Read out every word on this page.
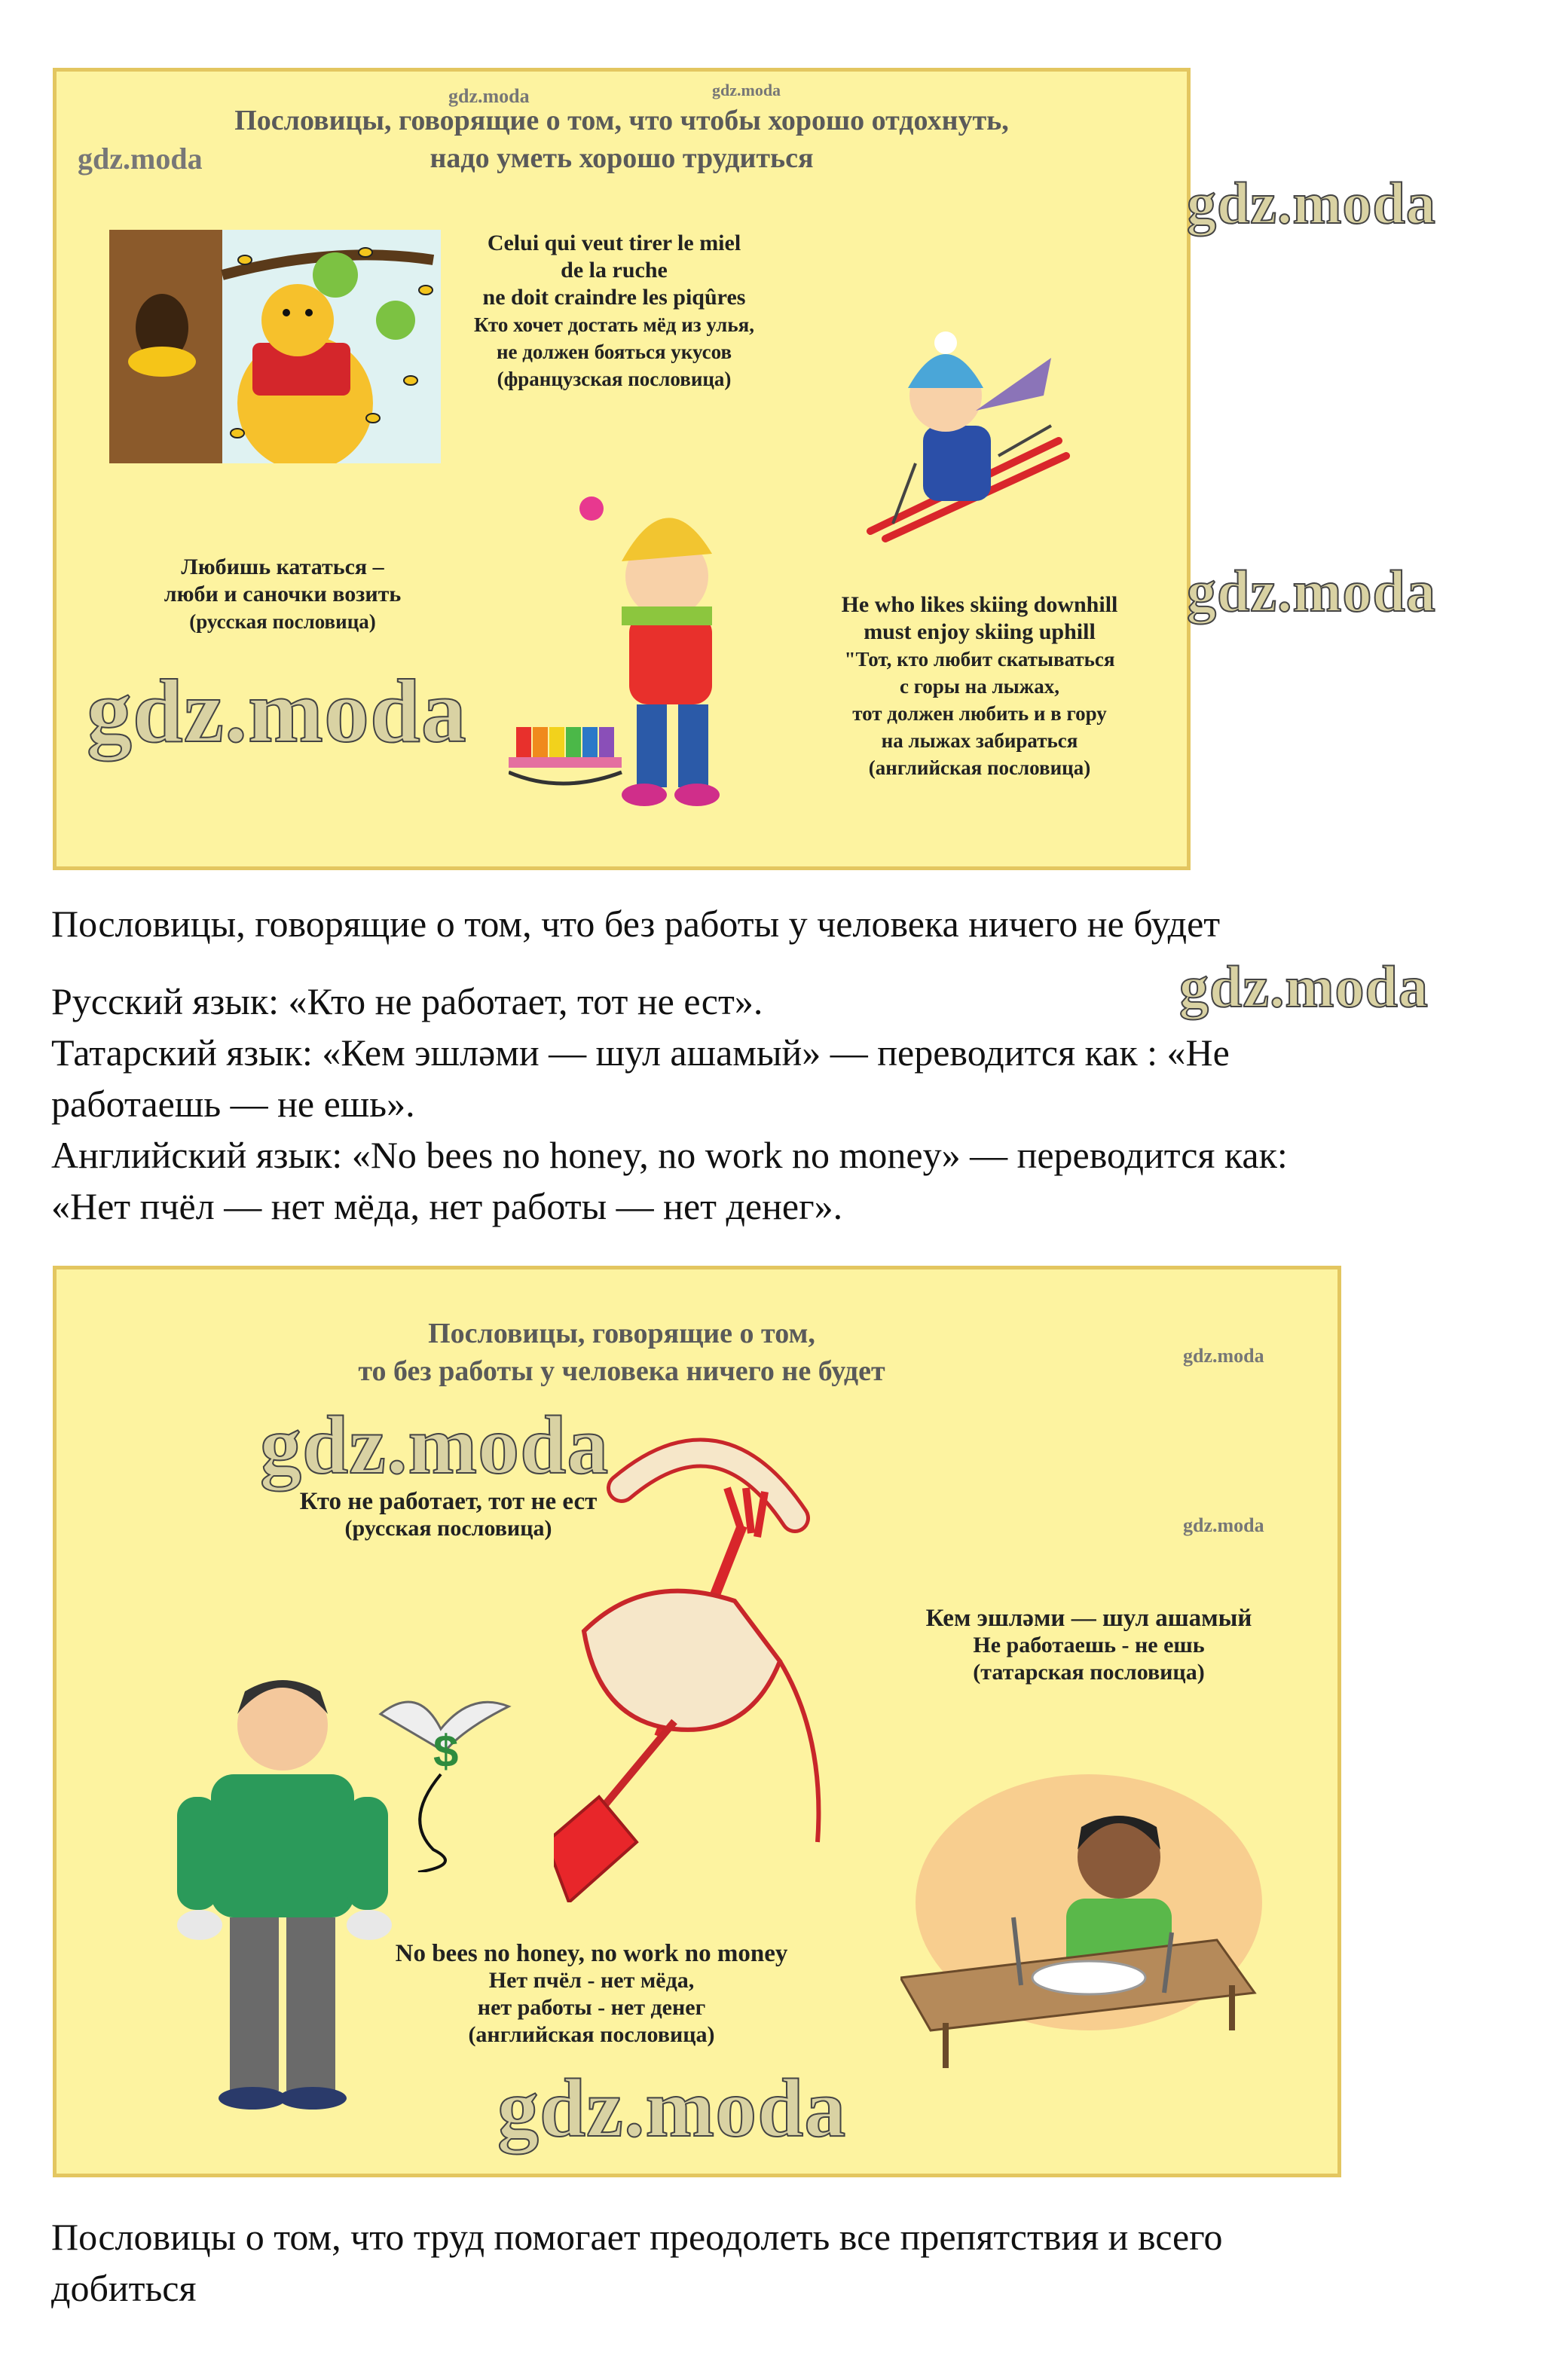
gdz.moda	gdz.moda
Пословицы, говорящие о том, что чтобы хорошо отдохнуть,
надо уметь хорошо трудиться
gdz.moda
Celui qui veut tirer le miel
de la ruche
ne doit craindre les piqûres
Кто хочет достать мёд из улья,
не должен бояться укусов
(французская пословица)
Любишь кататься –
люби и саночки возить
(русская пословица)
He who likes skiing downhill
must enjoy skiing uphill
"Тот, кто любит скатываться
с горы на лыжах,
тот должен любить и в гору
на лыжах забираться
(английская пословица)
gdz.moda
gdz.moda
gdz.moda
Пословицы, говорящие о том, что без работы у человека ничего не будет
gdz.moda
Русский язык: «Кто не работает, тот не ест».
Татарский язык: «Кем эшләми — шул ашамый» — переводится как : «Не
работаешь — не ешь».
Английский язык: «No bees no honey, no work no money» — переводится как:
«Нет пчёл — нет мёда, нет работы — нет денег».
Пословицы, говорящие о том,
то без работы у человека ничего не будет	gdz.moda
gdz.moda
gdz.moda
Кто не работает, тот не ест
(русская пословица)
Кем эшләми — шул ашамый
Не работаешь - не ешь
(татарская пословица)
$
No bees no honey, no work no money
Нет пчёл - нет мёда,
нет работы - нет денег
(английская пословица)
gdz.moda
Пословицы о том, что труд помогает преодолеть все препятствия и всего
добиться
